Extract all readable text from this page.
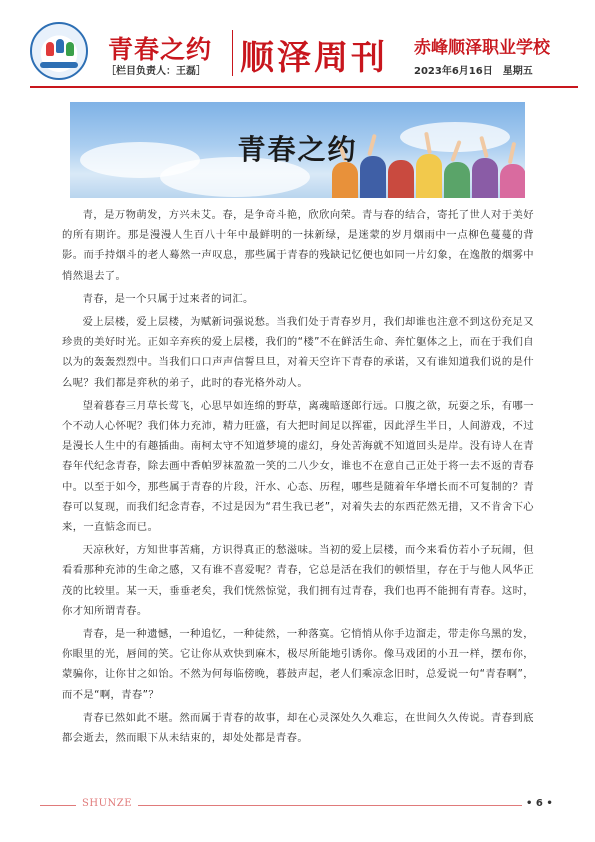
青春之约
［栏目负责人：王磊］ 顺泽周刊 赤峰顺泽职业学校
2023年6月16日　星期五
青春之约

青，是万物萌发，方兴未艾。春，是争奇斗艳，欣欣向荣。青与春的结合，寄托了世人对于美好的所有期许。那是漫漫人生百八十年中最鲜明的一抹新绿，是迷蒙的岁月烟雨中一点柳色蔓蔓的背影。而手持烟斗的老人蓦然一声叹息，那些属于青春的残缺记忆便也如同一片幻象，在逸散的烟雾中悄然退去了。

青春，是一个只属于过来者的词汇。

爱上层楼，爱上层楼，为赋新词强说愁。当我们处于青春岁月，我们却谁也注意不到这份充足又珍贵的美好时光。正如辛弃疾的爱上层楼，我们的“楼”不在鲜活生命、奔忙躯体之上，而在于我们自以为的轰轰烈烈中。当我们口口声声信誓旦旦，对着天空许下青春的承诺，又有谁知道我们说的是什么呢？我们都是弈秋的弟子，此时的春光格外动人。

望着暮春三月草长莺飞，心思早如连绵的野草，离魂暗逐郎行远。口腹之欲，玩耍之乐，有哪一个不动人心怀呢？我们体力充沛，精力旺盛，有大把时间足以挥霍，因此浮生半日，人间游戏，不过是漫长人生中的有趣插曲。南柯太守不知道梦境的虚幻，身处苦海就不知道回头是岸。没有诗人在青春年代纪念青春，除去画中香帕罗袜盈盈一笑的二八少女，谁也不在意自己正处于将一去不返的青春中。以至于如今，那些属于青春的片段，汗水、心态、历程，哪些是随着年华增长而不可复制的？青春可以复现，而我们纪念青春，不过是因为“君生我已老”，对着失去的东西茫然无措，又不肯舍下心来，一直惦念而已。

天凉秋好，方知世事苦痛，方识得真正的愁滋味。当初的爱上层楼，而今来看仿若小子玩闹，但看看那种充沛的生命之感，又有谁不喜爱呢？青春，它总是活在我们的顿悟里，存在于与他人风华正茂的比较里。某一天，垂垂老矣，我们恍然惊觉，我们拥有过青春，我们也再不能拥有青春。这时，你才知所谓青春。

青春，是一种遗憾，一种追忆，一种徒然，一种落寞。它悄悄从你手边溜走，带走你乌黑的发，你眼里的光，唇间的笑。它让你从欢快到麻木，极尽所能地引诱你。像马戏团的小丑一样，摆布你，蒙骗你，让你甘之如饴。不然为何每临傍晚，暮鼓声起，老人们乘凉念旧时，总爱说一句“青春啊”，而不是“啊，青春”？

青春已然如此不堪。然而属于青春的故事，却在心灵深处久久难忘，在世间久久传说。青春到底都会逝去，然而眼下从未结束的，却处处都是青春。

SHUNZE	• 6 •
